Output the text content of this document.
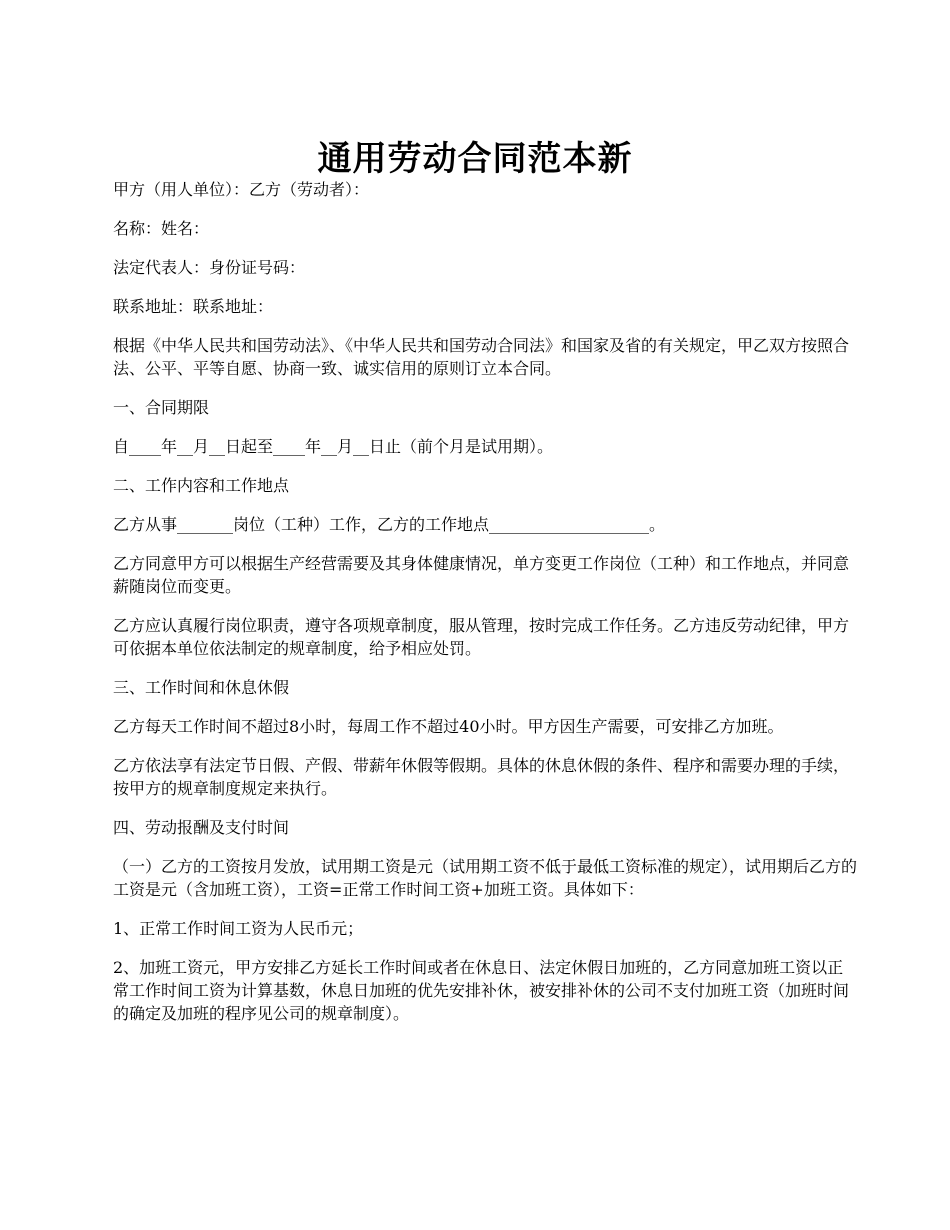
通用劳动合同范本新

甲方（用人单位）：乙方（劳动者）：

名称：姓名：

法定代表人：身份证号码：

联系地址：联系地址：

根据《中华人民共和国劳动法》、《中华人民共和国劳动合同法》和国家及省的有关规定，甲乙双方按照合法、公平、平等自愿、协商一致、诚实信用的原则订立本合同。

一、合同期限

自____年__月__日起至____年__月__日止（前个月是试用期）。

二、工作内容和工作地点

乙方从事_______岗位（工种）工作，乙方的工作地点____________________。

乙方同意甲方可以根据生产经营需要及其身体健康情况，单方变更工作岗位（工种）和工作地点，并同意薪随岗位而变更。

乙方应认真履行岗位职责，遵守各项规章制度，服从管理，按时完成工作任务。乙方违反劳动纪律，甲方可依据本单位依法制定的规章制度，给予相应处罚。

三、工作时间和休息休假

乙方每天工作时间不超过8小时，每周工作不超过40小时。甲方因生产需要，可安排乙方加班。

乙方依法享有法定节日假、产假、带薪年休假等假期。具体的休息休假的条件、程序和需要办理的手续，按甲方的规章制度规定来执行。

四、劳动报酬及支付时间

（一）乙方的工资按月发放，试用期工资是元（试用期工资不低于最低工资标准的规定），试用期后乙方的工资是元（含加班工资），工资=正常工作时间工资+加班工资。具体如下：

1、正常工作时间工资为人民币元；

2、加班工资元，甲方安排乙方延长工作时间或者在休息日、法定休假日加班的，乙方同意加班工资以正常工作时间工资为计算基数，休息日加班的优先安排补休，被安排补休的公司不支付加班工资（加班时间的确定及加班的程序见公司的规章制度）。
